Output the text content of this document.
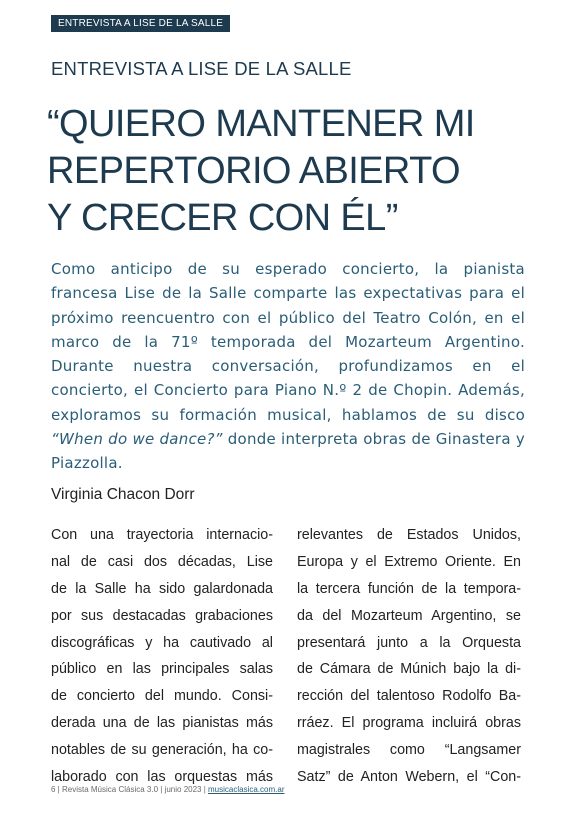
ENTREVISTA A LISE DE LA SALLE
ENTREVISTA A LISE DE LA SALLE
“QUIERO MANTENER MI
REPERTORIO ABIERTO
Y CRECER CON ÉL”

Como anticipo de su esperado concierto, la pianista francesa Lise de la Salle comparte las expectativas para el próximo reencuentro con el público del Teatro Colón, en el marco de la 71º temporada del Mozarteum Argentino. Durante nuestra conversación, profundizamos en el concierto, el Concierto para Piano N.º 2 de Chopin. Además, exploramos su formación musical, hablamos de su disco “When do we dance?” donde interpreta obras de Ginastera y Piazzolla.

Virginia Chacon Dorr
Con una trayectoria internacio-
nal de casi dos décadas, Lise
de la Salle ha sido galardonada
por sus destacadas grabaciones
discográficas y ha cautivado al
público en las principales salas
de concierto del mundo. Consi-
derada una de las pianistas más
notables de su generación, ha co-
laborado con las orquestas más
relevantes de Estados Unidos,
Europa y el Extremo Oriente. En
la tercera función de la tempora-
da del Mozarteum Argentino, se
presentará junto a la Orquesta
de Cámara de Múnich bajo la di-
rección del talentoso Rodolfo Ba-
rráez. El programa incluirá obras
magistrales como “Langsamer
Satz” de Anton Webern, el “Con-
6 | Revista Música Clásica 3.0 | junio 2023 | musicaclasica.com.ar
